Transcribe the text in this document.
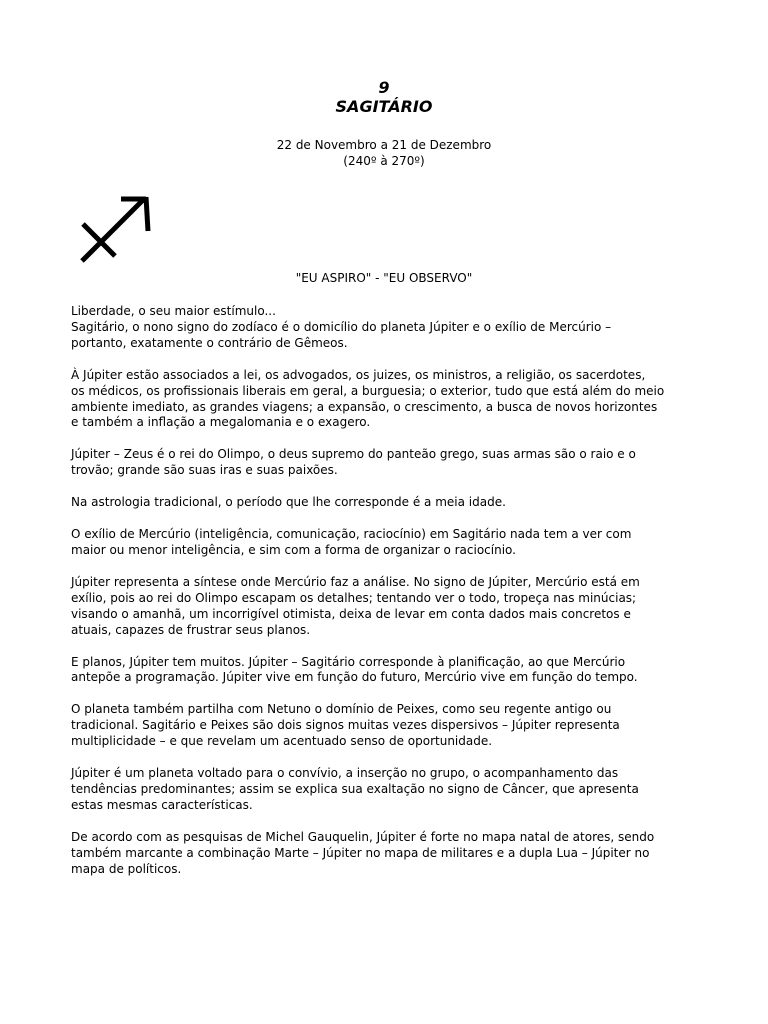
9
SAGITÁRIO
22 de Novembro a 21 de Dezembro
(240º à 270º)
"EU ASPIRO" - "EU OBSERVO"

Liberdade, o seu maior estímulo...
Sagitário, o nono signo do zodíaco é o domicílio do planeta Júpiter e o exílio de Mercúrio –
portanto, exatamente o contrário de Gêmeos.

À Júpiter estão associados a lei, os advogados, os juizes, os ministros, a religião, os sacerdotes,
os médicos, os profissionais liberais em geral, a burguesia; o exterior, tudo que está além do meio
ambiente imediato, as grandes viagens; a expansão, o crescimento, a busca de novos horizontes
e também a inflação a megalomania e o exagero.

Júpiter – Zeus é o rei do Olimpo, o deus supremo do panteão grego, suas armas são o raio e o
trovão; grande são suas iras e suas paixões.

Na astrologia tradicional, o período que lhe corresponde é a meia idade.

O exílio de Mercúrio (inteligência, comunicação, raciocínio) em Sagitário nada tem a ver com
maior ou menor inteligência, e sim com a forma de organizar o raciocínio.

Júpiter representa a síntese onde Mercúrio faz a análise. No signo de Júpiter, Mercúrio está em
exílio, pois ao rei do Olimpo escapam os detalhes; tentando ver o todo, tropeça nas minúcias;
visando o amanhã, um incorrigível otimista, deixa de levar em conta dados mais concretos e
atuais, capazes de frustrar seus planos.

E planos, Júpiter tem muitos. Júpiter – Sagitário corresponde à planificação, ao que Mercúrio
antepõe a programação. Júpiter vive em função do futuro, Mercúrio vive em função do tempo.

O planeta também partilha com Netuno o domínio de Peixes, como seu regente antigo ou
tradicional. Sagitário e Peixes são dois signos muitas vezes dispersivos – Júpiter representa
multiplicidade – e que revelam um acentuado senso de oportunidade.

Júpiter é um planeta voltado para o convívio, a inserção no grupo, o acompanhamento das
tendências predominantes; assim se explica sua exaltação no signo de Câncer, que apresenta
estas mesmas características.

De acordo com as pesquisas de Michel Gauquelin, Júpiter é forte no mapa natal de atores, sendo
também marcante a combinação Marte – Júpiter no mapa de militares e a dupla Lua – Júpiter no
mapa de políticos.
